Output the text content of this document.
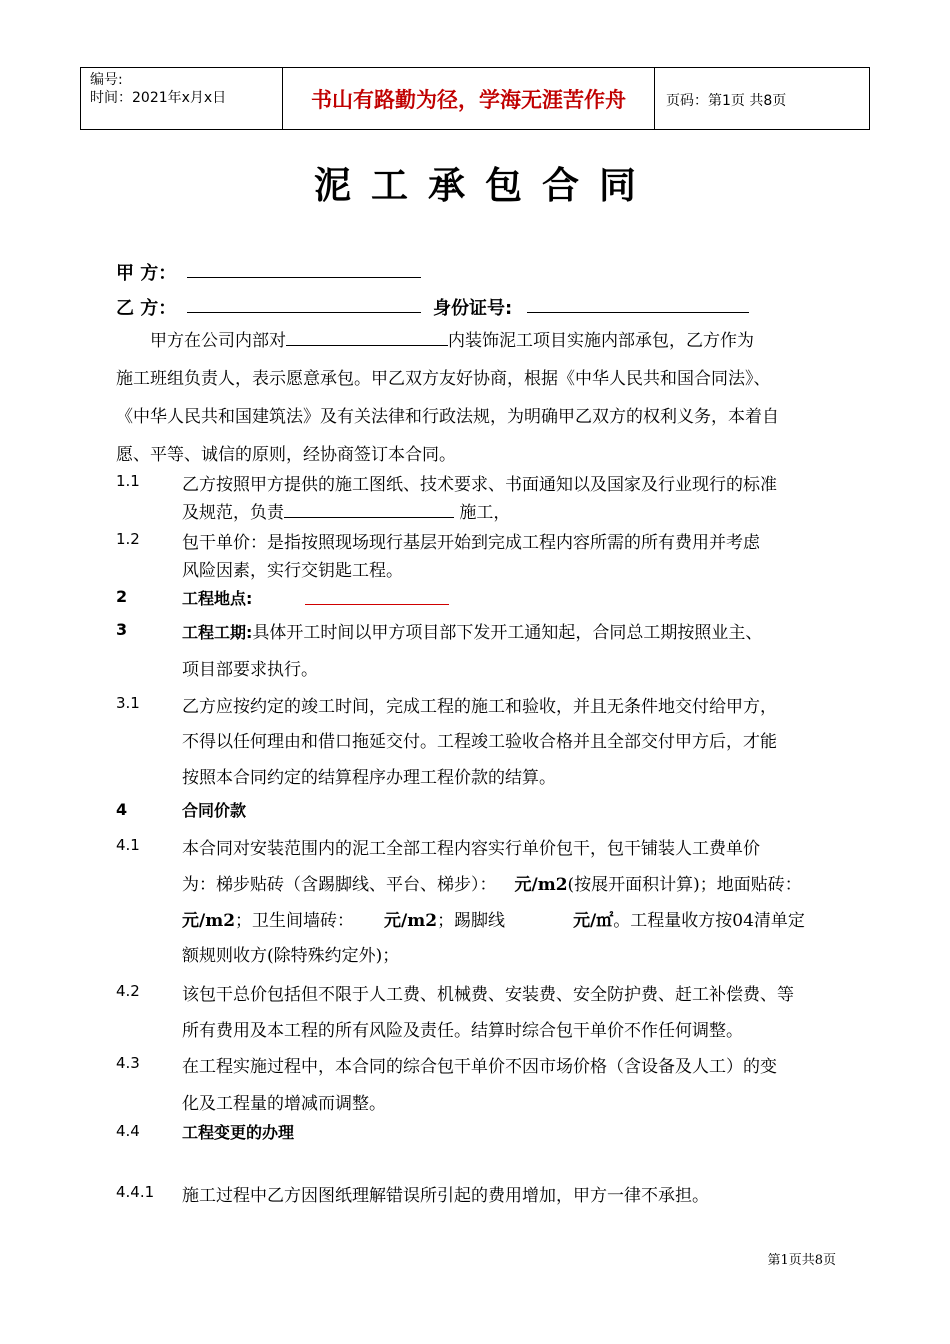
编号:
时间：2021年x月x日	书山有路勤为径，学海无涯苦作舟	页码：第1页 共8页
泥工承包合同
甲 方：
乙 方：	身份证号:
甲方在公司内部对	内装饰泥工项目实施内部承包，乙方作为
施工班组负责人，表示愿意承包。甲乙双方友好协商，根据《中华人民共和国合同法》、
《中华人民共和国建筑法》及有关法律和行政法规，为明确甲乙双方的权利义务，本着自
愿、平等、诚信的原则，经协商签订本合同。
1.1 乙方按照甲方提供的施工图纸、技术要求、书面通知以及国家及行业现行的标准
及规范，负责	施工，
1.2 包干单价：是指按照现场现行基层开始到完成工程内容所需的所有费用并考虑
风险因素，实行交钥匙工程。
2	工程地点:
3	工程工期:具体开工时间以甲方项目部下发开工通知起，合同总工期按照业主、
项目部要求执行。
3.1 乙方应按约定的竣工时间，完成工程的施工和验收，并且无条件地交付给甲方，
不得以任何理由和借口拖延交付。工程竣工验收合格并且全部交付甲方后，才能
按照本合同约定的结算程序办理工程价款的结算。
4	合同价款
4.1 本合同对安装范围内的泥工全部工程内容实行单价包干，包干铺装人工费单价
为：梯步贴砖（含踢脚线、平台、梯步）： 元/m2(按展开面积计算)；地面贴砖：
元/m2；卫生间墙砖： 元/m2；踢脚线	元/㎡。工程量收方按04清单定
额规则收方(除特殊约定外)；
4.2 该包干总价包括但不限于人工费、机械费、安装费、安全防护费、赶工补偿费、等
所有费用及本工程的所有风险及责任。结算时综合包干单价不作任何调整。
4.3 在工程实施过程中，本合同的综合包干单价不因市场价格（含设备及人工）的变
化及工程量的增减而调整。
4.4	工程变更的办理
4.4.1 施工过程中乙方因图纸理解错误所引起的费用增加，甲方一律不承担。
第1页共8页
